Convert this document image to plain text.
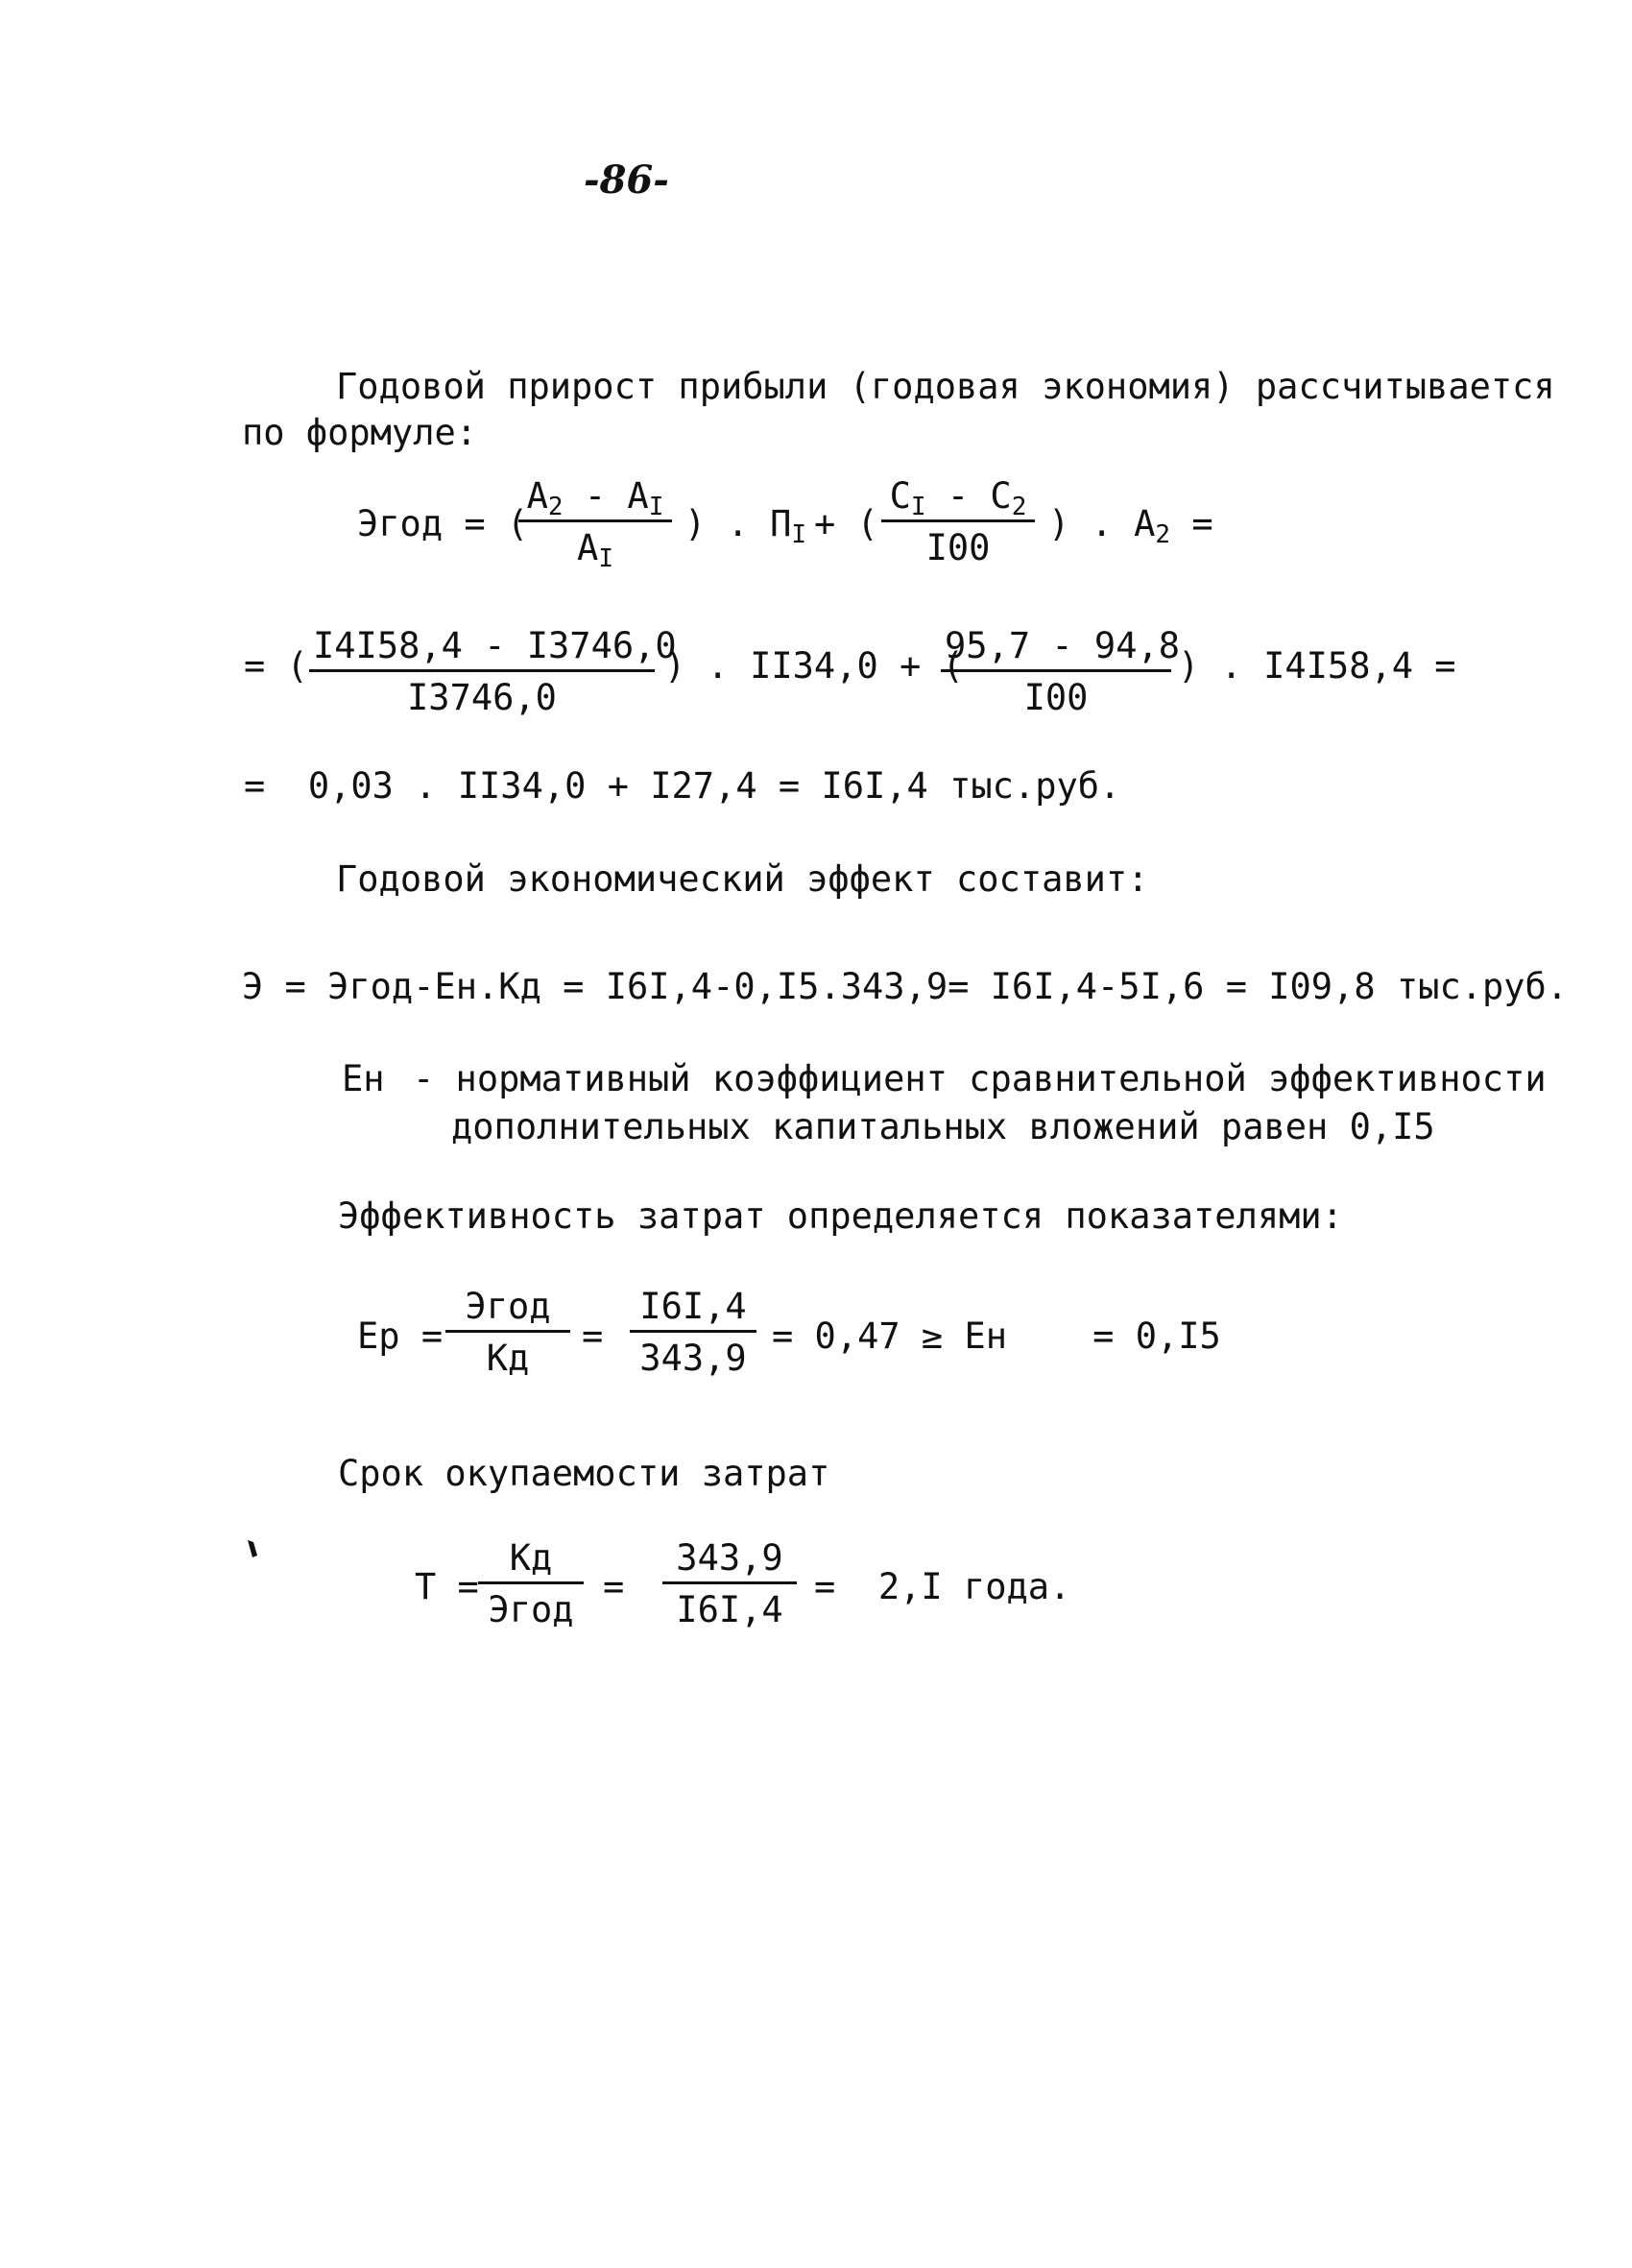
-86-
Годовой прирост прибыли (годовая экономия) рассчитывается
по формуле:
Эгод = (
$А_2 - А_I$
$А_I$
) . $П_I$ + (
$С_I - С_2$
I00
) . $А_2$ =
= ( $\frac{I4I58,4 - I3746,0}{I3746,0}$ ) . II34,0 + (
$\frac{95,7 - 94,8}{I00}$ ) . I4I58,4 =
=  0,03 . II34,0 + I27,4 = I6I,4 тыс.руб.
Годовой экономический эффект составит:
Э = Эгод-Ен.Кд = I6I,4-0,I5.343,9= I6I,4-5I,6 = I09,8 тыс.руб.
Ен - нормативный коэффициент сравнительной эффективности
дополнительных капитальных вложений равен 0,I5
Эффективность затрат определяется показателями:
Ер =
Эгод
Кд
= $\frac{I6I,4}{343,9} = 0,47$ ≥ Ен    = 0,I5
Срок окупаемости затрат
Т =
Кд
Эгод
= $\frac{343,9}{I6I,4} = 2,I$ года.
